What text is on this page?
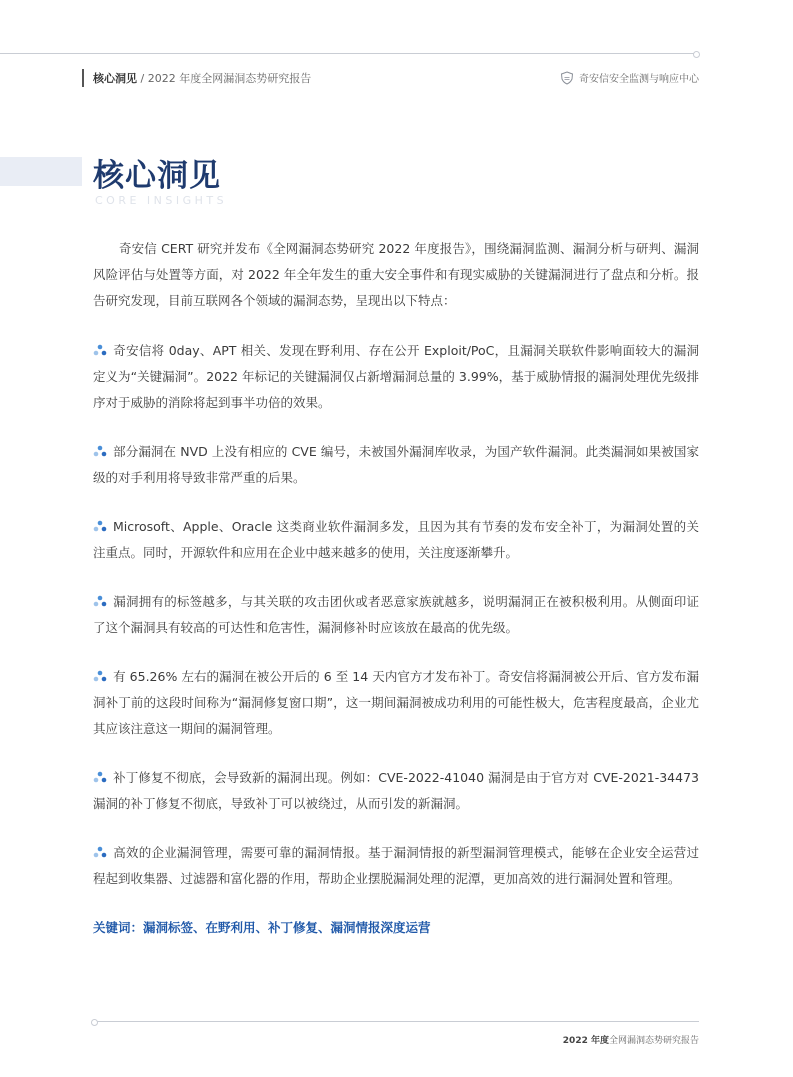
核心洞见 / 2022 年度全网漏洞态势研究报告	奇安信安全监测与响应中心
核心洞见
CORE INSIGHTS

奇安信 CERT 研究并发布《全网漏洞态势研究 2022 年度报告》，围绕漏洞监测、漏洞分析与研判、漏洞风险评估与处置等方面，对 2022 年全年发生的重大安全事件和有现实威胁的关键漏洞进行了盘点和分析。报告研究发现，目前互联网各个领域的漏洞态势，呈现出以下特点：

奇安信将 0day、APT 相关、发现在野利用、存在公开 Exploit/PoC，且漏洞关联软件影响面较大的漏洞定义为“关键漏洞”。2022 年标记的关键漏洞仅占新增漏洞总量的 3.99%，基于威胁情报的漏洞处理优先级排序对于威胁的消除将起到事半功倍的效果。

部分漏洞在 NVD 上没有相应的 CVE 编号，未被国外漏洞库收录，为国产软件漏洞。此类漏洞如果被国家级的对手利用将导致非常严重的后果。

Microsoft、Apple、Oracle 这类商业软件漏洞多发，且因为其有节奏的发布安全补丁，为漏洞处置的关注重点。同时，开源软件和应用在企业中越来越多的使用，关注度逐渐攀升。

漏洞拥有的标签越多，与其关联的攻击团伙或者恶意家族就越多，说明漏洞正在被积极利用。从侧面印证了这个漏洞具有较高的可达性和危害性，漏洞修补时应该放在最高的优先级。

有 65.26% 左右的漏洞在被公开后的 6 至 14 天内官方才发布补丁。奇安信将漏洞被公开后、官方发布漏洞补丁前的这段时间称为“漏洞修复窗口期”，这一期间漏洞被成功利用的可能性极大，危害程度最高，企业尤其应该注意这一期间的漏洞管理。

补丁修复不彻底，会导致新的漏洞出现。例如：CVE-2022-41040 漏洞是由于官方对 CVE-2021-34473 漏洞的补丁修复不彻底，导致补丁可以被绕过，从而引发的新漏洞。

高效的企业漏洞管理，需要可靠的漏洞情报。基于漏洞情报的新型漏洞管理模式，能够在企业安全运营过程起到收集器、过滤器和富化器的作用，帮助企业摆脱漏洞处理的泥潭，更加高效的进行漏洞处置和管理。

关键词：漏洞标签、在野利用、补丁修复、漏洞情报深度运营

2022 年度全网漏洞态势研究报告
